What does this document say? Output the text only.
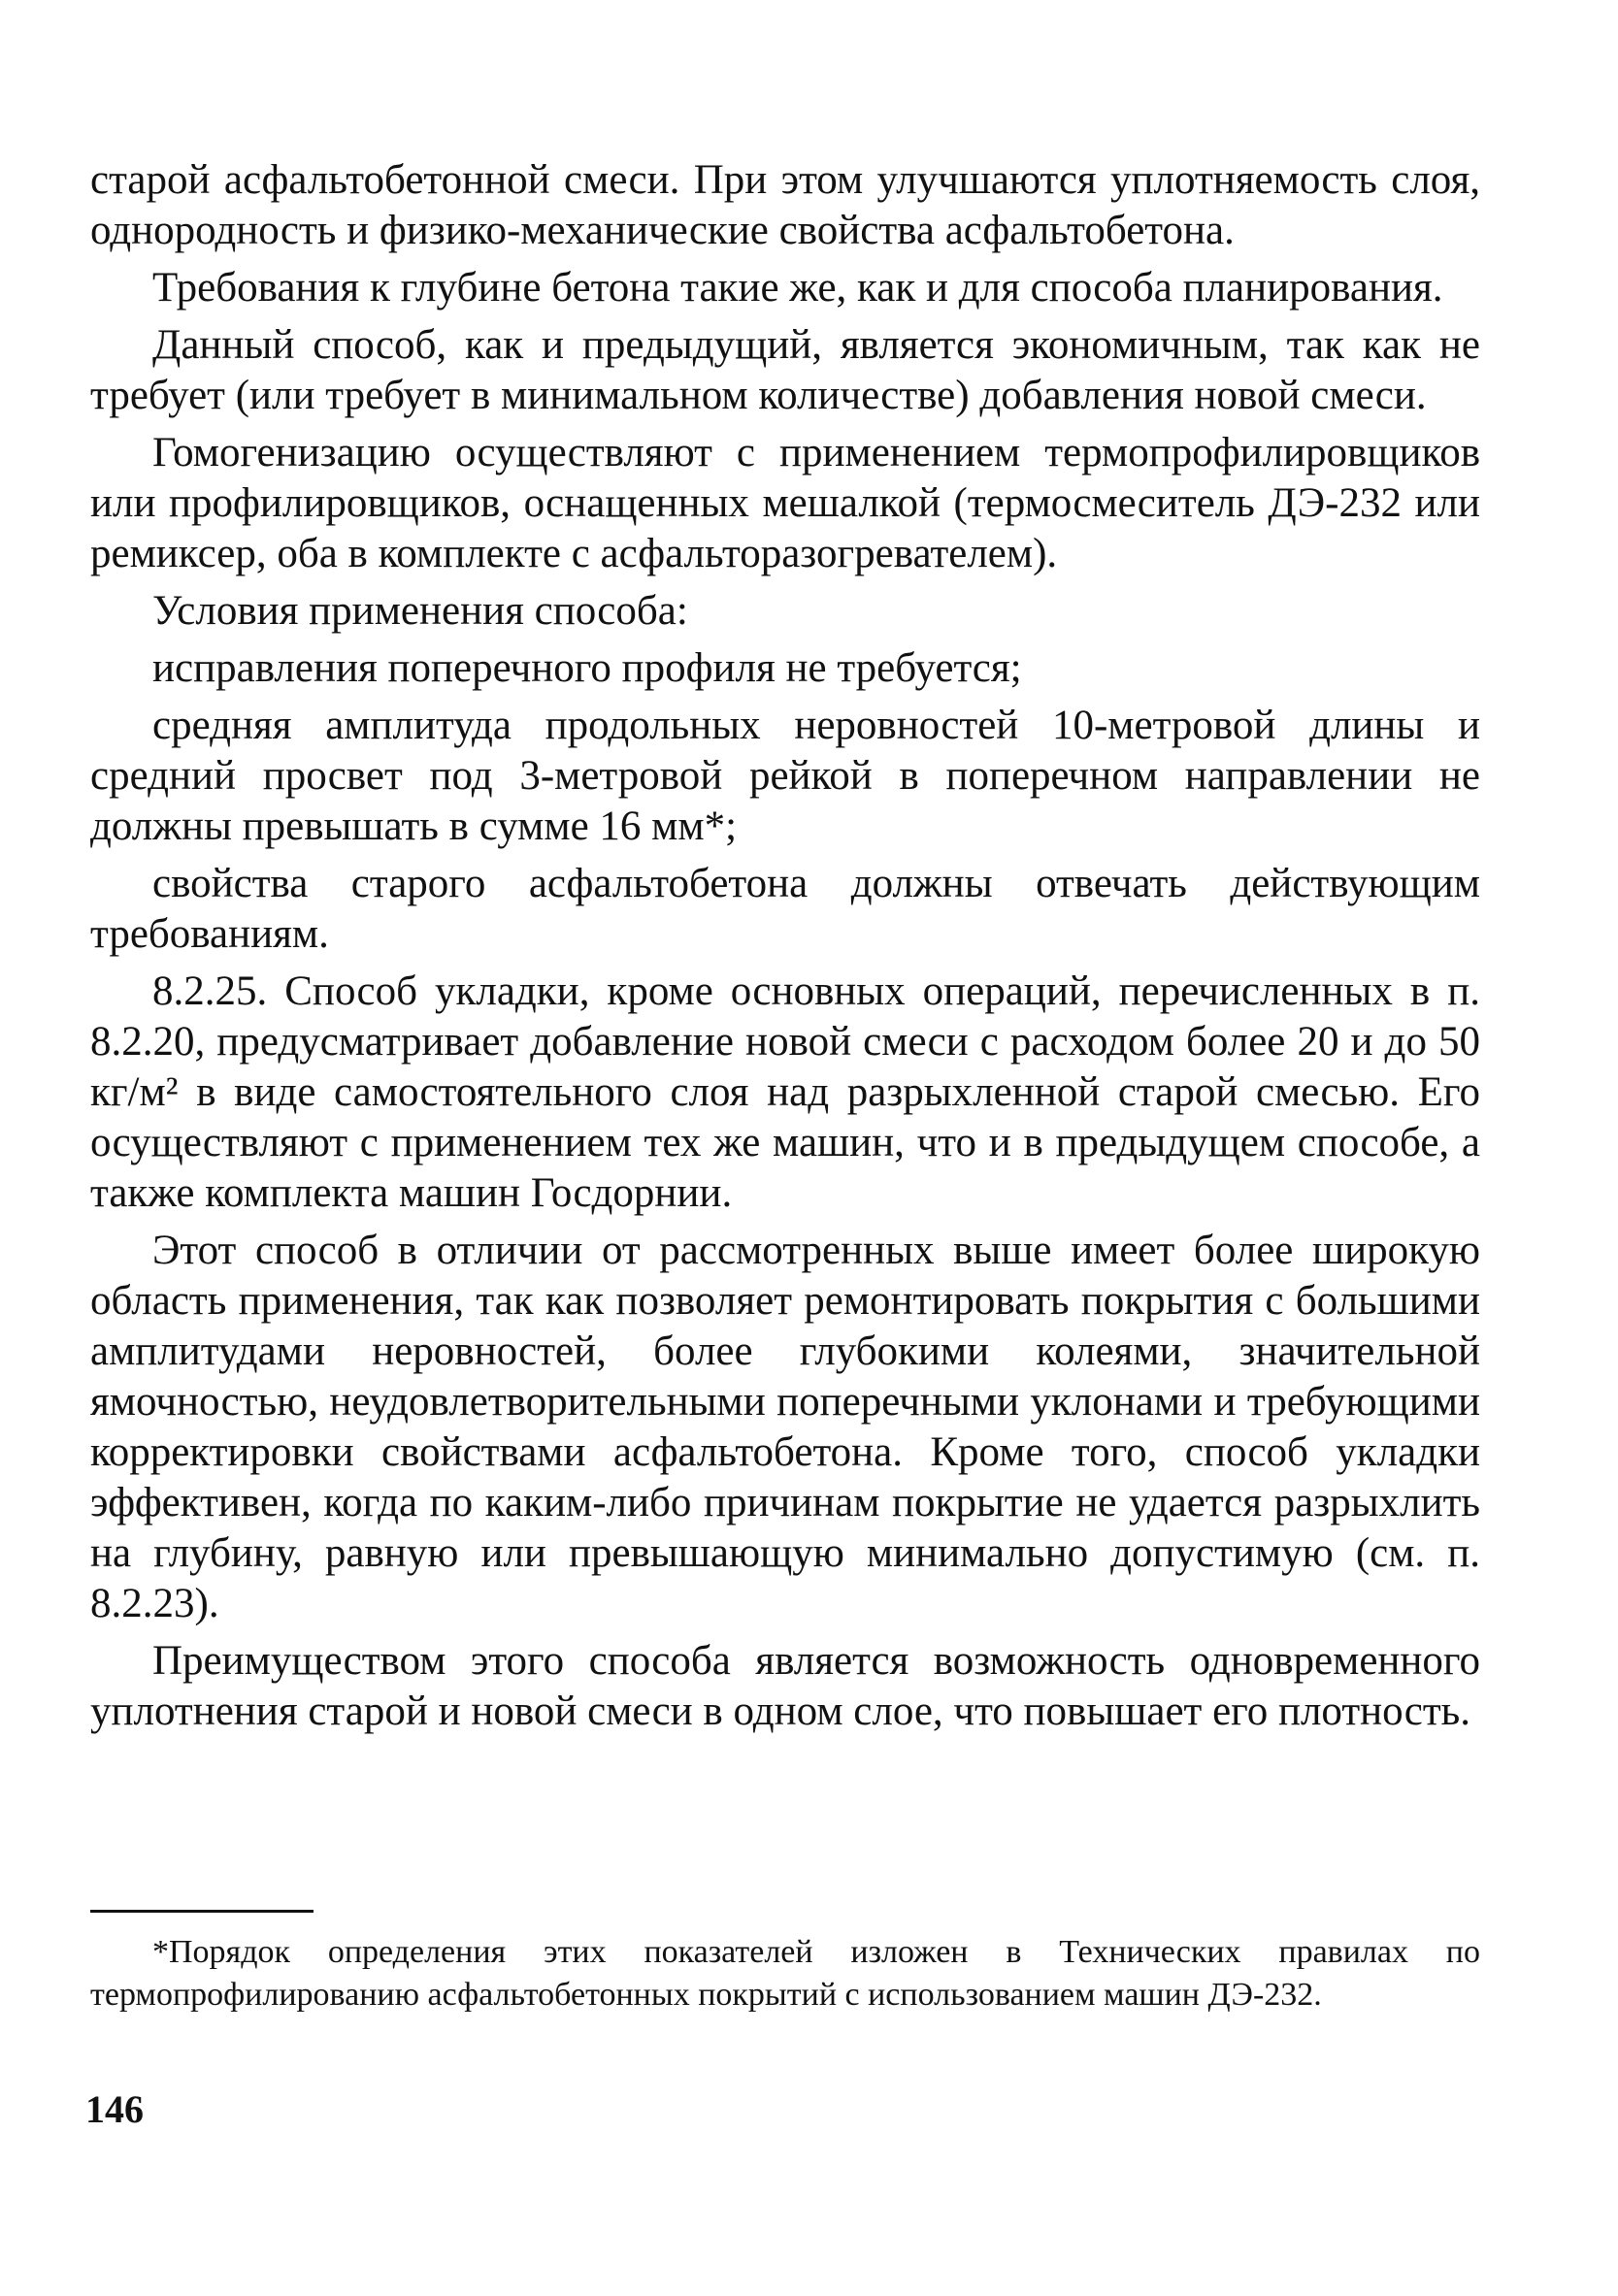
старой асфальтобетонной смеси. При этом улучшаются уплотняемость слоя, однородность и физико-механические свойства асфальтобетона.

Требования к глубине бетона такие же, как и для способа планирования.

Данный способ, как и предыдущий, является экономичным, так как не требует (или требует в минимальном количестве) добавления новой смеси.

Гомогенизацию осуществляют с применением термопрофилировщиков или профилировщиков, оснащенных мешалкой (термосмеситель ДЭ-232 или ремиксер, оба в комплекте с асфальторазогревателем).

Условия применения способа:

исправления поперечного профиля не требуется;

средняя амплитуда продольных неровностей 10-метровой длины и средний просвет под 3-метровой рейкой в поперечном направлении не должны превышать в сумме 16 мм*;

свойства старого асфальтобетона должны отвечать действующим требованиям.

8.2.25. Способ укладки, кроме основных операций, перечисленных в п. 8.2.20, предусматривает добавление новой смеси с расходом более 20 и до 50 кг/м² в виде самостоятельного слоя над разрыхленной старой смесью. Его осуществляют с применением тех же машин, что и в предыдущем способе, а также комплекта машин Госдорнии.

Этот способ в отличии от рассмотренных выше имеет более широкую область применения, так как позволяет ремонтировать покрытия с большими амплитудами неровностей, более глубокими колеями, значительной ямочностью, неудовлетворительными поперечными уклонами и требующими корректировки свойствами асфальтобетона. Кроме того, способ укладки эффективен, когда по каким-либо причинам покрытие не удается разрыхлить на глубину, равную или превышающую минимально допустимую (см. п. 8.2.23).

Преимуществом этого способа является возможность одновременного уплотнения старой и новой смеси в одном слое, что повышает его плотность.

*Порядок определения этих показателей изложен в Технических правилах по термопрофилированию асфальтобетонных покрытий с использованием машин ДЭ-232.
146
